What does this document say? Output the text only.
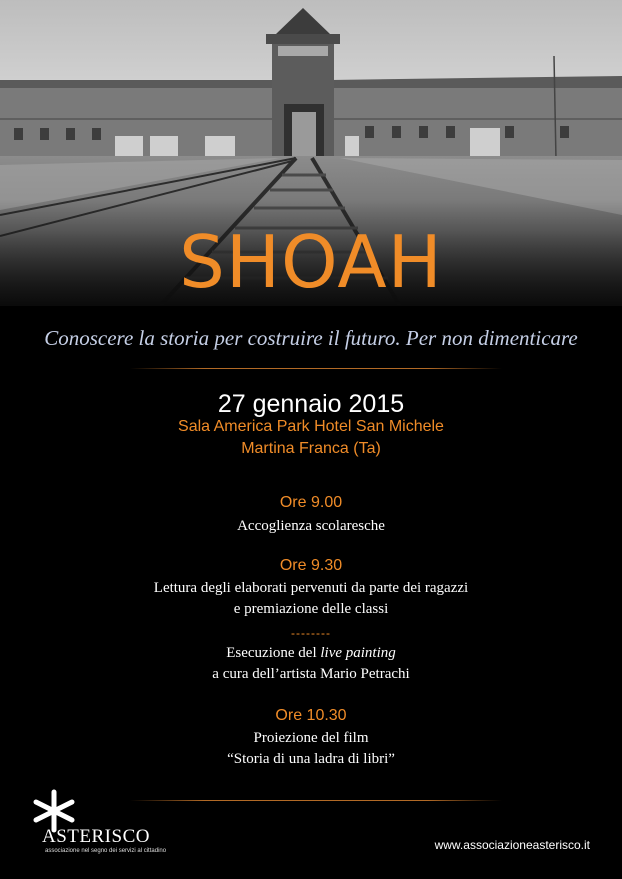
SHOAH
Conoscere la storia per costruire il futuro. Per non dimenticare
27 gennaio 2015
Sala America Park Hotel San Michele
Martina Franca (Ta)
Ore 9.00
Accoglienza scolaresche
Ore 9.30
Lettura degli elaborati pervenuti da parte dei ragazzi
e premiazione delle classi
--------
Esecuzione del live painting
a cura dell’artista Mario Petrachi
Ore 10.30
Proiezione del film
“Storia di una ladra di libri”
ASTERISCO
associazione nel segno dei servizi al cittadino	www.associazioneasterisco.it
